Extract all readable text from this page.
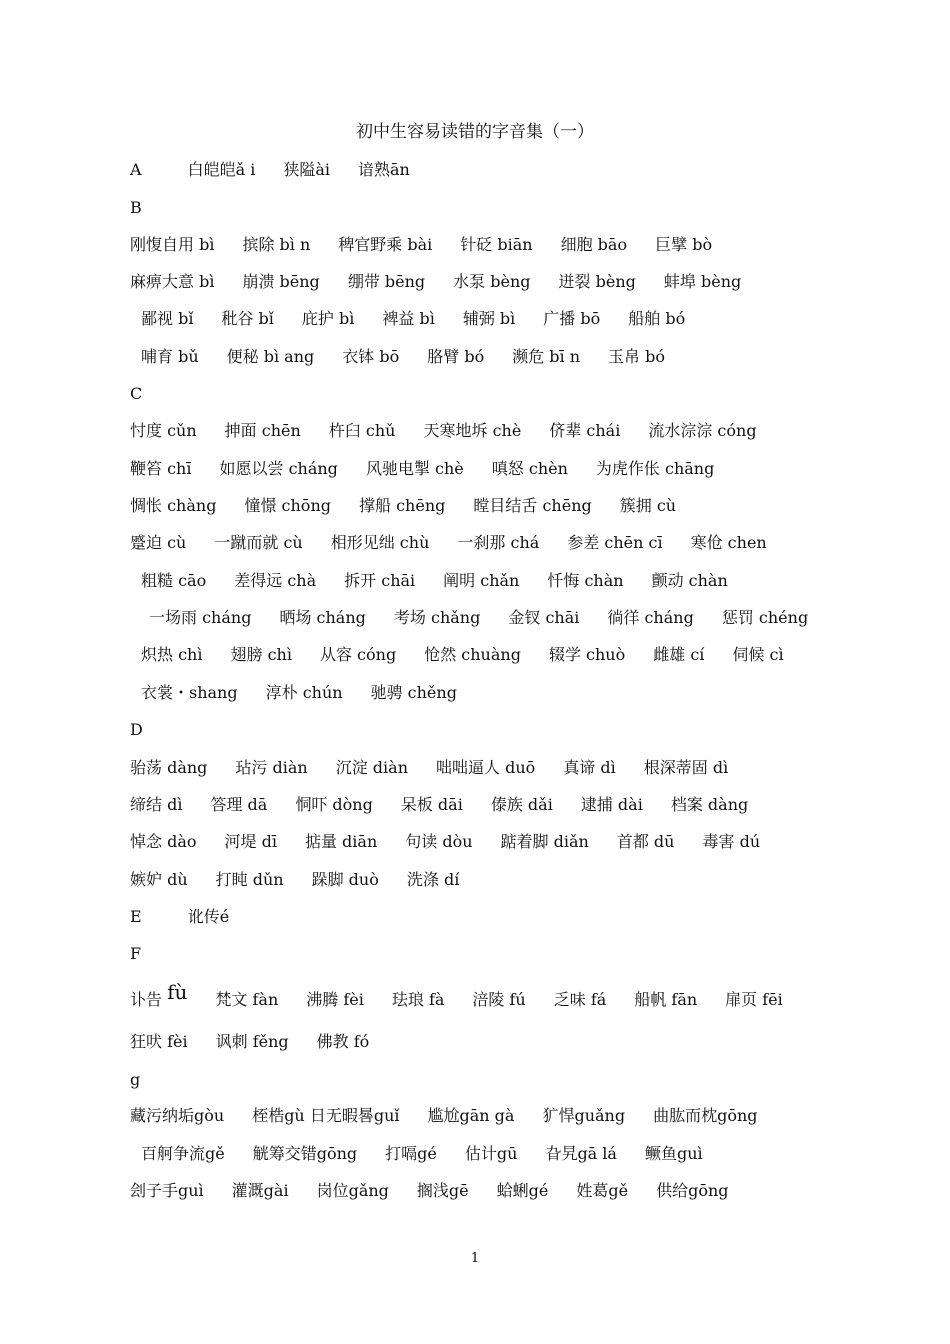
初中生容易读错的字音集（一）
A	白皑皑ǎ i 狭隘ài 谙熟ān
B
刚愎自用 bì 摈除 bì n 稗官野乘 bài 针砭 biān 细胞 bāo 巨擘 bò
麻痹大意 bì 崩溃 bēng 绷带 bēng 水泵 bèng 迸裂 bèng 蚌埠 bèng
鄙视 bǐ 秕谷 bǐ 庇护 bì 裨益 bì 辅弼 bì 广播 bō 船舶 bó
哺育 bǔ 便秘 bì ang 衣钵 bō 胳臂 bó 濒危 bī n 玉帛 bó
C
忖度 cǔn 抻面 chēn 杵臼 chǔ 天寒地坼 chè 侪辈 chái 流水淙淙 cóng
鞭笞 chī 如愿以尝 cháng 风驰电掣 chè 嗔怒 chèn 为虎作伥 chāng
惆怅 chàng 憧憬 chōng 撑船 chēng 瞠目结舌 chēng 簇拥 cù
蹙迫 cù 一蹴而就 cù 相形见绌 chù 一刹那 chá 参差 chēn cī 寒伧 chen
粗糙 cāo 差得远 chà 拆开 chāi 阐明 chǎn 忏悔 chàn 颤动 chàn
一场雨 cháng 晒场 cháng 考场 chǎng 金钗 chāi 徜徉 cháng 惩罚 chéng
炽热 chì 翅膀 chì 从容 cóng 怆然 chuàng 辍学 chuò 雌雄 cí 伺候 cì
衣裳・shang 淳朴 chún 驰骋 chěng
D
骀荡 dàng 玷污 diàn 沉淀 diàn 咄咄逼人 duō 真谛 dì 根深蒂固 dì
缔结 dì 答理 dā 恫吓 dòng 呆板 dāi 傣族 dǎi 逮捕 dài 档案 dàng
悼念 dào 河堤 dī 掂量 diān 句读 dòu 踮着脚 diǎn 首都 dū 毒害 dú
嫉妒 dù 打盹 dǔn 跺脚 duò 洗涤 dí
E	讹传é
F
讣告 fù 梵文 fàn 沸腾 fèi 珐琅 fà 涪陵 fú 乏味 fá 船帆 fān 扉页 fēi
狂吠 fèi 讽刺 fěng 佛教 fó
g
藏污纳垢gòu 桎梏gù 日无暇晷guǐ 尴尬gān gà 犷悍guǎng 曲肱而枕gōng
百舸争流gě 觥筹交错gōng 打嗝gé 估计gū 旮旯gā lá 鳜鱼guì
刽子手guì 灌溉gài 岗位gǎng 搁浅gē 蛤蜊gé 姓葛gě 供给gōng
1
